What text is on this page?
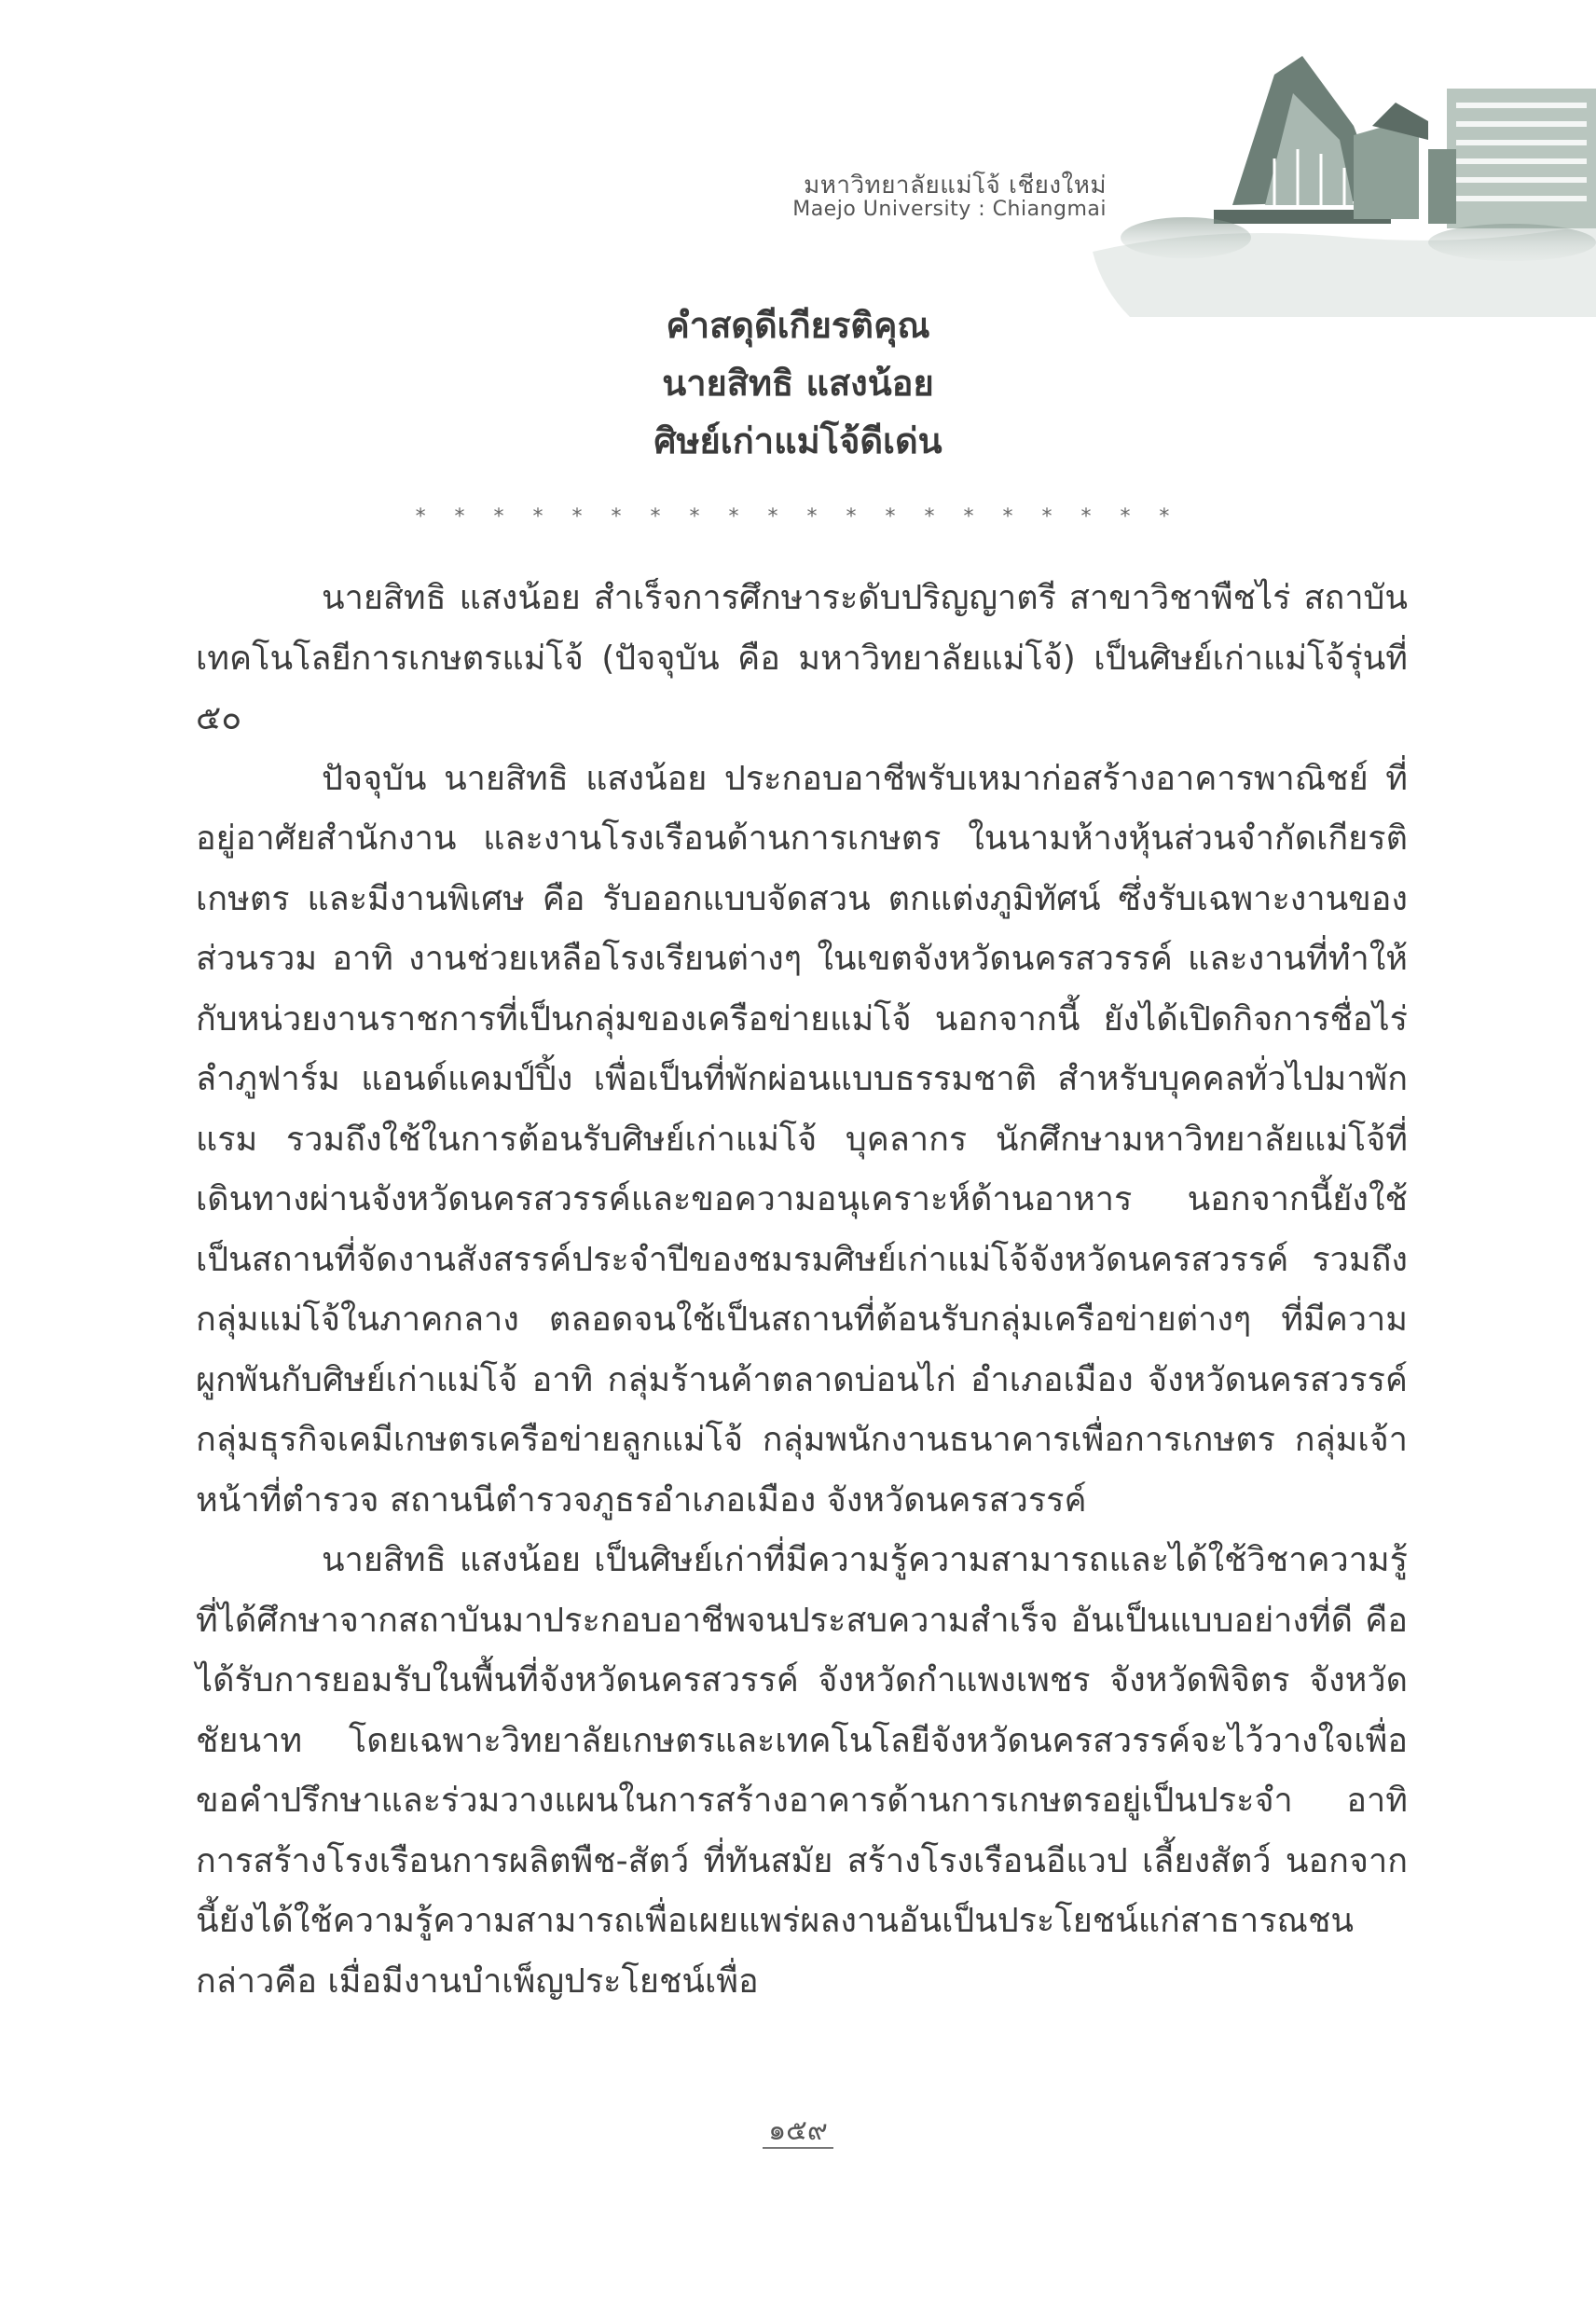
มหาวิทยาลัยแม่โจ้ เชียงใหม่
Maejo University : Chiangmai
คำสดุดีเกียรติคุณ
นายสิทธิ แสงน้อย
ศิษย์เก่าแม่โจ้ดีเด่น
* * * * * * * * * * * * * * * * * * * *

นายสิทธิ แสงน้อย สำเร็จการศึกษาระดับปริญญาตรี สาขาวิชาพืชไร่ สถาบันเทคโนโลยีการเกษตรแม่โจ้ (ปัจจุบัน คือ มหาวิทยาลัยแม่โจ้) เป็นศิษย์เก่าแม่โจ้รุ่นที่ ๕๐

ปัจจุบัน นายสิทธิ แสงน้อย ประกอบอาชีพรับเหมาก่อสร้างอาคารพาณิชย์ ที่อยู่อาศัยสำนักงาน และงานโรงเรือนด้านการเกษตร ในนามห้างหุ้นส่วนจำกัดเกียรติเกษตร และมีงานพิเศษ คือ รับออกแบบจัดสวน ตกแต่งภูมิทัศน์ ซึ่งรับเฉพาะงานของส่วนรวม อาทิ งานช่วยเหลือโรงเรียนต่างๆ ในเขตจังหวัดนครสวรรค์ และงานที่ทำให้กับหน่วยงานราชการที่เป็นกลุ่มของเครือข่ายแม่โจ้ นอกจากนี้ ยังได้เปิดกิจการชื่อไร่ลำภูฟาร์ม แอนด์แคมป์ปิ้ง เพื่อเป็นที่พักผ่อนแบบธรรมชาติ สำหรับบุคคลทั่วไปมาพักแรม รวมถึงใช้ในการต้อนรับศิษย์เก่าแม่โจ้ บุคลากร นักศึกษามหาวิทยาลัยแม่โจ้ที่เดินทางผ่านจังหวัดนครสวรรค์และขอความอนุเคราะห์ด้านอาหาร นอกจากนี้ยังใช้เป็นสถานที่จัดงานสังสรรค์ประจำปีของชมรมศิษย์เก่าแม่โจ้จังหวัดนครสวรรค์ รวมถึงกลุ่มแม่โจ้ในภาคกลาง ตลอดจนใช้เป็นสถานที่ต้อนรับกลุ่มเครือข่ายต่างๆ ที่มีความผูกพันกับศิษย์เก่าแม่โจ้ อาทิ กลุ่มร้านค้าตลาดบ่อนไก่ อำเภอเมือง จังหวัดนครสวรรค์ กลุ่มธุรกิจเคมีเกษตรเครือข่ายลูกแม่โจ้ กลุ่มพนักงานธนาคารเพื่อการเกษตร กลุ่มเจ้าหน้าที่ตำรวจ สถานนีตำรวจภูธรอำเภอเมือง จังหวัดนครสวรรค์

นายสิทธิ แสงน้อย เป็นศิษย์เก่าที่มีความรู้ความสามารถและได้ใช้วิชาความรู้ที่ได้ศึกษาจากสถาบันมาประกอบอาชีพจนประสบความสำเร็จ อันเป็นแบบอย่างที่ดี คือ ได้รับการยอมรับในพื้นที่จังหวัดนครสวรรค์ จังหวัดกำแพงเพชร จังหวัดพิจิตร จังหวัดชัยนาท โดยเฉพาะวิทยาลัยเกษตรและเทคโนโลยีจังหวัดนครสวรรค์จะไว้วางใจเพื่อขอคำปรึกษาและร่วมวางแผนในการสร้างอาคารด้านการเกษตรอยู่เป็นประจำ อาทิ การสร้างโรงเรือนการผลิตพืช-สัตว์ ที่ทันสมัย สร้างโรงเรือนอีแวป เลี้ยงสัตว์ นอกจากนี้ยังได้ใช้ความรู้ความสามารถเพื่อเผยแพร่ผลงานอันเป็นประโยชน์แก่สาธารณชน กล่าวคือ เมื่อมีงานบำเพ็ญประโยชน์เพื่อ

๑๕๙
